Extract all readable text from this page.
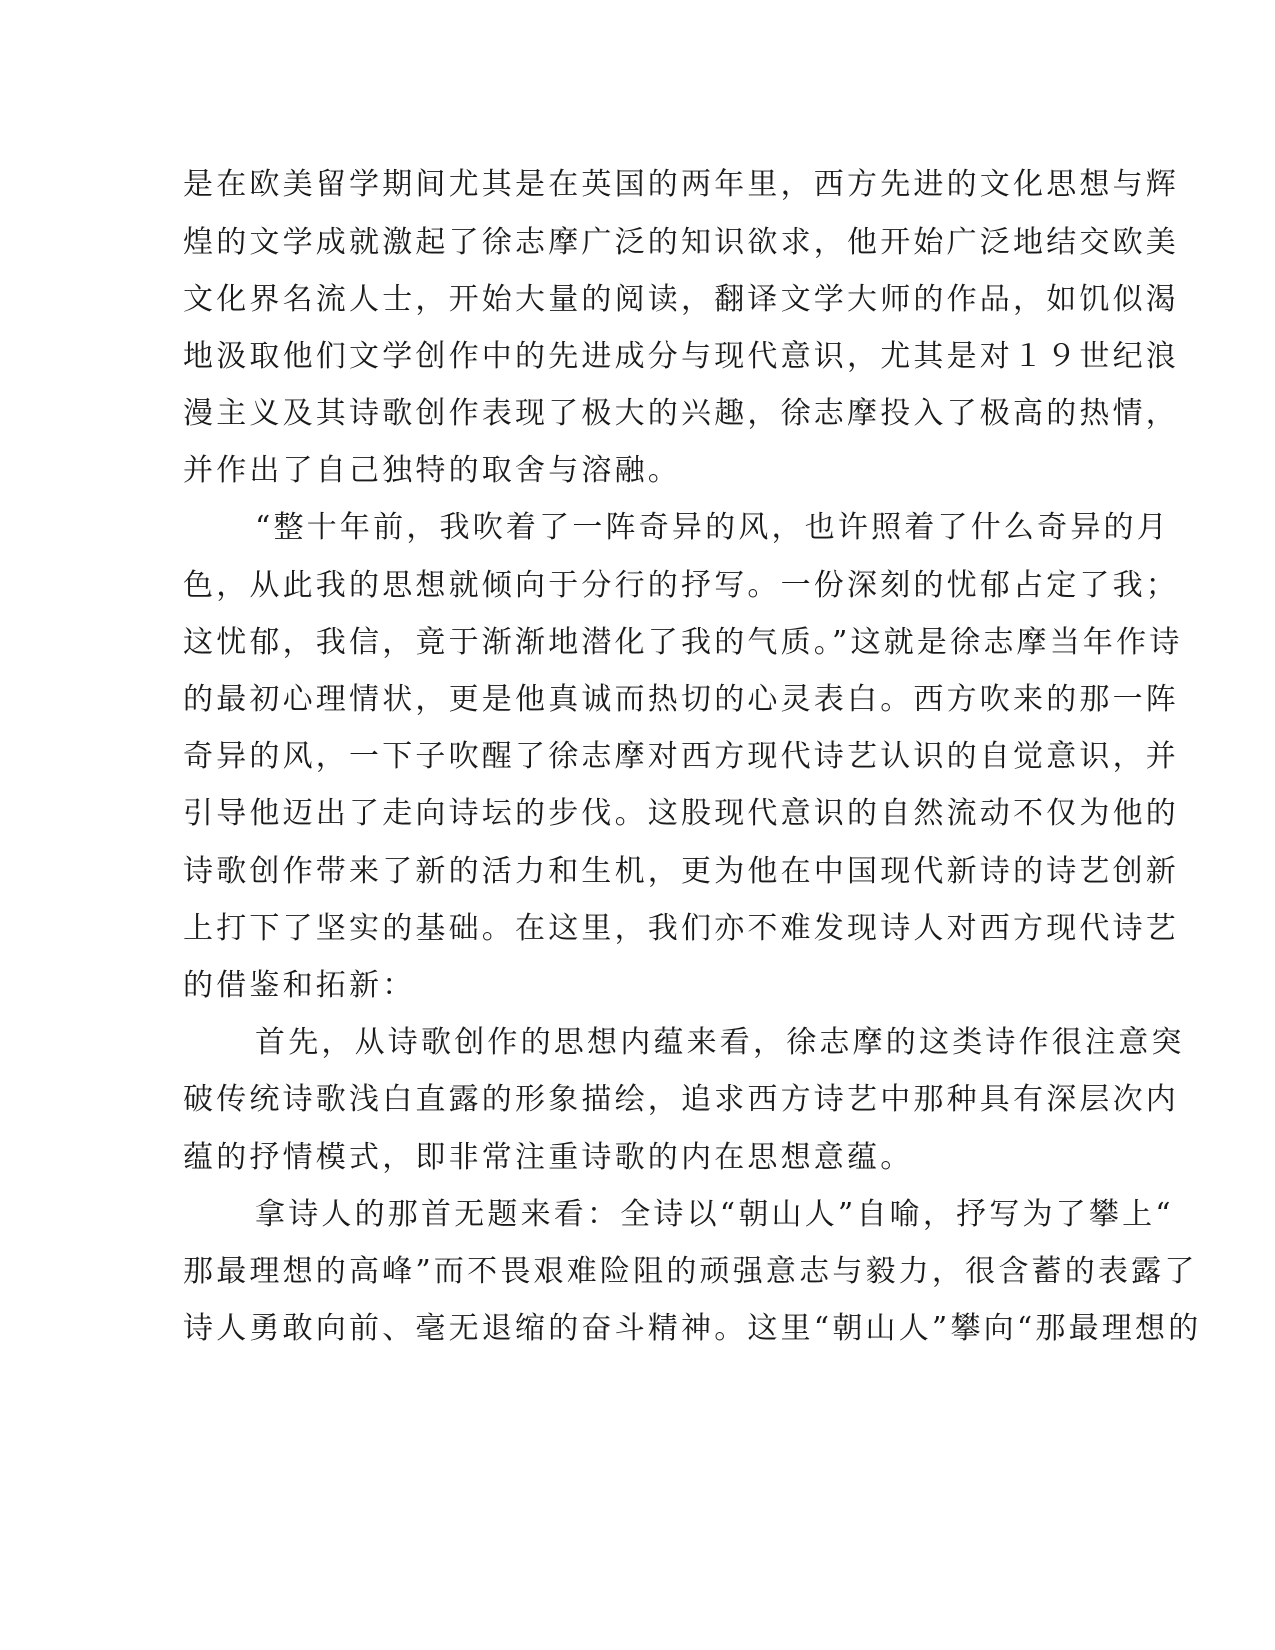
是在欧美留学期间尤其是在英国的两年里，西方先进的文化思想与辉
煌的文学成就激起了徐志摩广泛的知识欲求，他开始广泛地结交欧美
文化界名流人士，开始大量的阅读，翻译文学大师的作品，如饥似渴
地汲取他们文学创作中的先进成分与现代意识，尤其是对１９世纪浪
漫主义及其诗歌创作表现了极大的兴趣，徐志摩投入了极高的热情，
并作出了自己独特的取舍与溶融。
“整十年前，我吹着了一阵奇异的风，也许照着了什么奇异的月
色，从此我的思想就倾向于分行的抒写。一份深刻的忧郁占定了我；
这忧郁，我信，竟于渐渐地潜化了我的气质。”这就是徐志摩当年作诗
的最初心理情状，更是他真诚而热切的心灵表白。西方吹来的那一阵
奇异的风，一下子吹醒了徐志摩对西方现代诗艺认识的自觉意识，并
引导他迈出了走向诗坛的步伐。这股现代意识的自然流动不仅为他的
诗歌创作带来了新的活力和生机，更为他在中国现代新诗的诗艺创新
上打下了坚实的基础。在这里，我们亦不难发现诗人对西方现代诗艺
的借鉴和拓新：
首先，从诗歌创作的思想内蕴来看，徐志摩的这类诗作很注意突
破传统诗歌浅白直露的形象描绘，追求西方诗艺中那种具有深层次内
蕴的抒情模式，即非常注重诗歌的内在思想意蕴。
拿诗人的那首无题来看：全诗以“朝山人”自喻，抒写为了攀上“
那最理想的高峰”而不畏艰难险阻的顽强意志与毅力，很含蓄的表露了
诗人勇敢向前、毫无退缩的奋斗精神。这里“朝山人”攀向“那最理想的
